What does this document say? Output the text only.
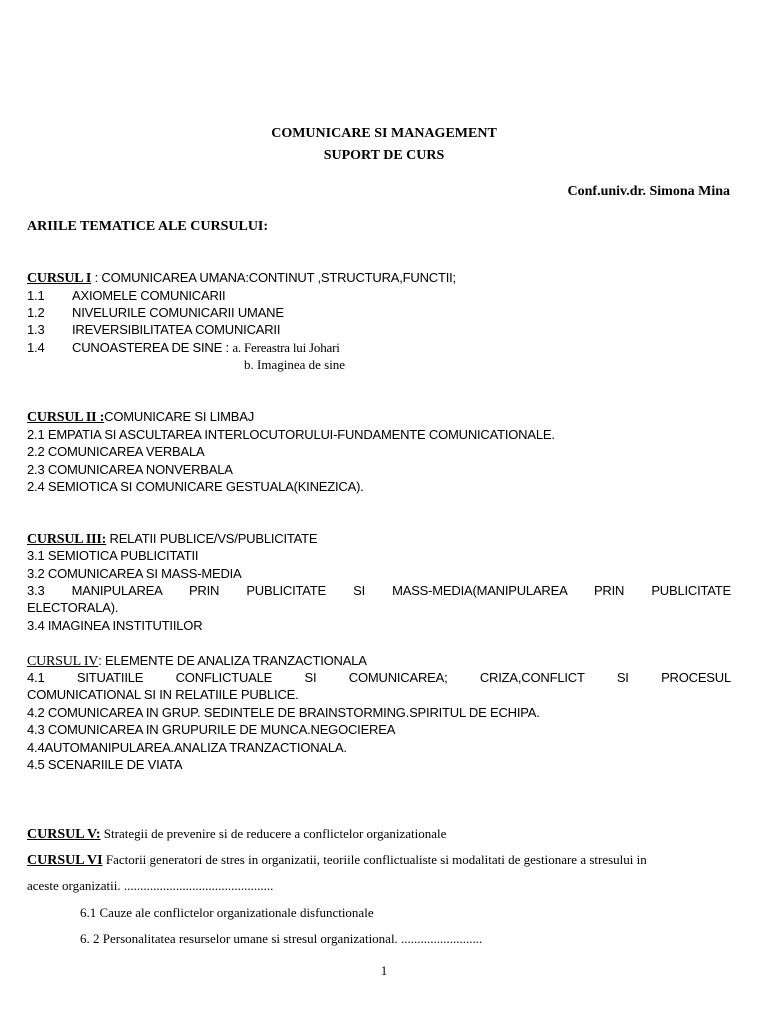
COMUNICARE SI MANAGEMENT
SUPORT DE CURS
Conf.univ.dr. Simona Mina
ARIILE TEMATICE ALE CURSULUI:
CURSUL I : COMUNICAREA UMANA:CONTINUT ,STRUCTURA,FUNCTII;
1.1 AXIOMELE COMUNICARII
1.2 NIVELURILE COMUNICARII UMANE
1.3 IREVERSIBILITATEA COMUNICARII
1.4 CUNOASTEREA DE SINE : a. Fereastra lui Johari
b. Imaginea de sine
CURSUL II :COMUNICARE SI LIMBAJ
2.1 EMPATIA SI ASCULTAREA INTERLOCUTORULUI-FUNDAMENTE COMUNICATIONALE.
2.2 COMUNICAREA VERBALA
2.3 COMUNICAREA NONVERBALA
2.4 SEMIOTICA SI COMUNICARE GESTUALA(KINEZICA).
CURSUL III: RELATII PUBLICE/VS/PUBLICITATE
3.1 SEMIOTICA PUBLICITATII
3.2 COMUNICAREA SI MASS-MEDIA
3.3 MANIPULAREA PRIN PUBLICITATE SI MASS-MEDIA(MANIPULAREA PRIN PUBLICITATE
ELECTORALA).
3.4 IMAGINEA INSTITUTIILOR
CURSUL IV: ELEMENTE DE ANALIZA TRANZACTIONALA
4.1 SITUATIILE CONFLICTUALE SI COMUNICAREA; CRIZA,CONFLICT SI PROCESUL
COMUNICATIONAL SI IN RELATIILE PUBLICE.
4.2 COMUNICAREA IN GRUP. SEDINTELE DE BRAINSTORMING.SPIRITUL DE ECHIPA.
4.3 COMUNICAREA IN GRUPURILE DE MUNCA.NEGOCIEREA
4.4AUTOMANIPULAREA.ANALIZA TRANZACTIONALA.
4.5 SCENARIILE DE VIATA
CURSUL V: Strategii de prevenire si de reducere a conflictelor organizationale
CURSUL VI Factorii generatori de stres in organizatii, teoriile conflictualiste si modalitati de gestionare a stresului in
aceste organizatii. ..............................................
6.1 Cauze ale conflictelor organizationale disfunctionale
6. 2 Personalitatea resurselor umane si stresul organizational. .........................
1
